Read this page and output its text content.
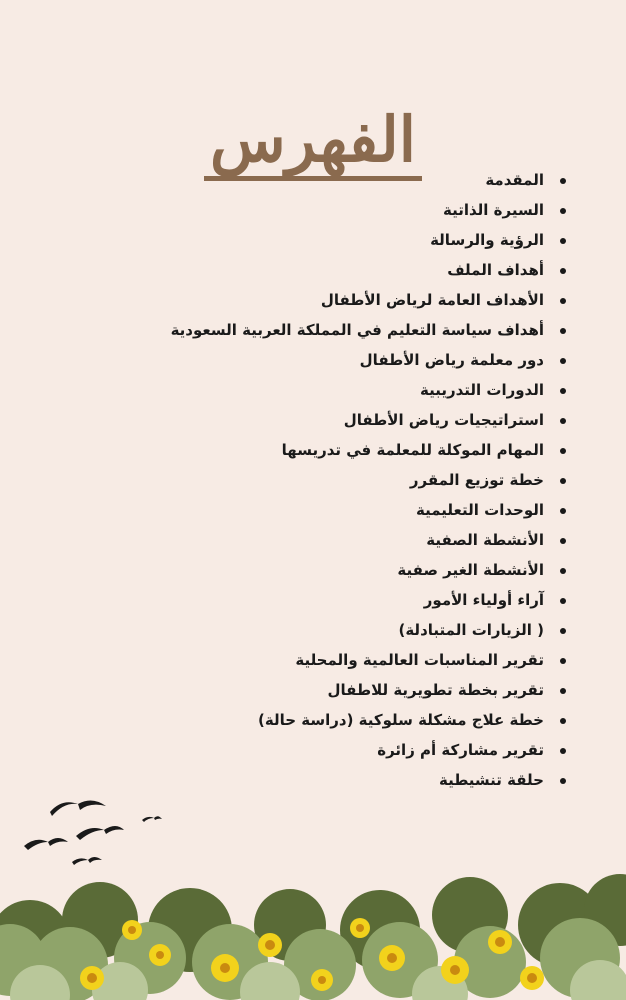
الفهرس
المقدمة
السيرة الذاتية
الرؤية والرسالة
أهداف الملف
الأهداف العامة لرياض الأطفال
أهداف سياسة التعليم في المملكة العربية السعودية
دور معلمة رياض الأطفال
الدورات التدريبية
استراتيجيات رياض الأطفال
المهام الموكلة للمعلمة في تدريسها
خطة توزيع المقرر
الوحدات التعليمية
الأنشطة الصفية
الأنشطة الغير صفية
آراء أولياء الأمور
( الزيارات المتبادلة)
تقرير المناسبات العالمية والمحلية
تقرير بخطة تطويرية للاطفال
خطة علاج مشكلة سلوكية (دراسة حالة)
تقرير مشاركة أم زائرة
حلقة تنشيطية
